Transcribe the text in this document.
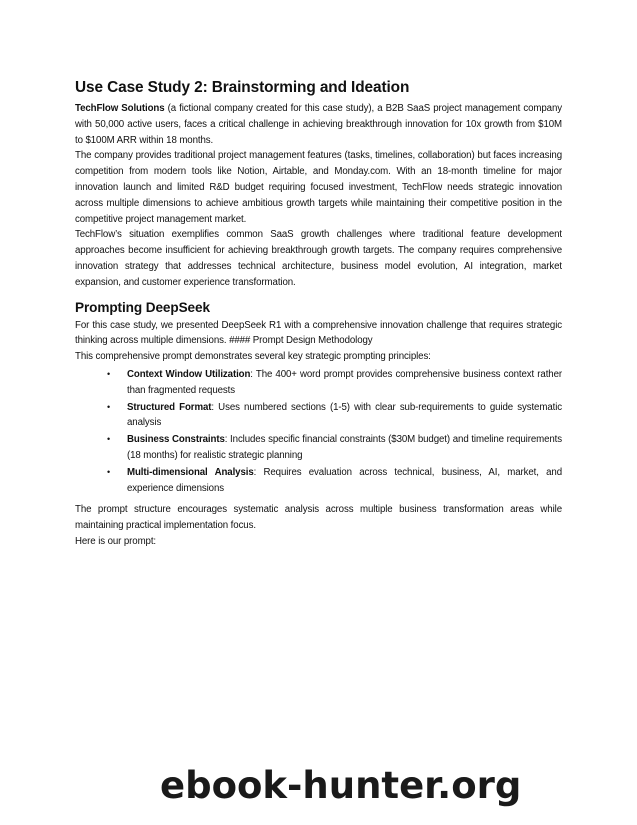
Use Case Study 2: Brainstorming and Ideation

TechFlow Solutions (a fictional company created for this case study), a B2B SaaS project management company with 50,000 active users, faces a critical challenge in achieving breakthrough innovation for 10x growth from $10M to $100M ARR within 18 months.

The company provides traditional project management features (tasks, timelines, collaboration) but faces increasing competition from modern tools like Notion, Airtable, and Monday.com. With an 18-month timeline for major innovation launch and limited R&D budget requiring focused investment, TechFlow needs strategic innovation across multiple dimensions to achieve ambitious growth targets while maintaining their competitive position in the competitive project management market.

TechFlow’s situation exemplifies common SaaS growth challenges where traditional feature development approaches become insufficient for achieving breakthrough growth targets. The company requires comprehensive innovation strategy that addresses technical architecture, business model evolution, AI integration, market expansion, and customer experience transformation.

Prompting DeepSeek

For this case study, we presented DeepSeek R1 with a comprehensive innovation challenge that requires strategic thinking across multiple dimensions. #### Prompt Design Methodology

This comprehensive prompt demonstrates several key strategic prompting principles:

• Context Window Utilization: The 400+ word prompt provides comprehensive business context rather than fragmented requests
• Structured Format: Uses numbered sections (1-5) with clear sub-requirements to guide systematic analysis
• Business Constraints: Includes specific financial constraints ($30M budget) and timeline requirements (18 months) for realistic strategic planning
• Multi-dimensional Analysis: Requires evaluation across technical, business, AI, market, and experience dimensions

The prompt structure encourages systematic analysis across multiple business transformation areas while maintaining practical implementation focus.

Here is our prompt:

ebook-hunter.org
